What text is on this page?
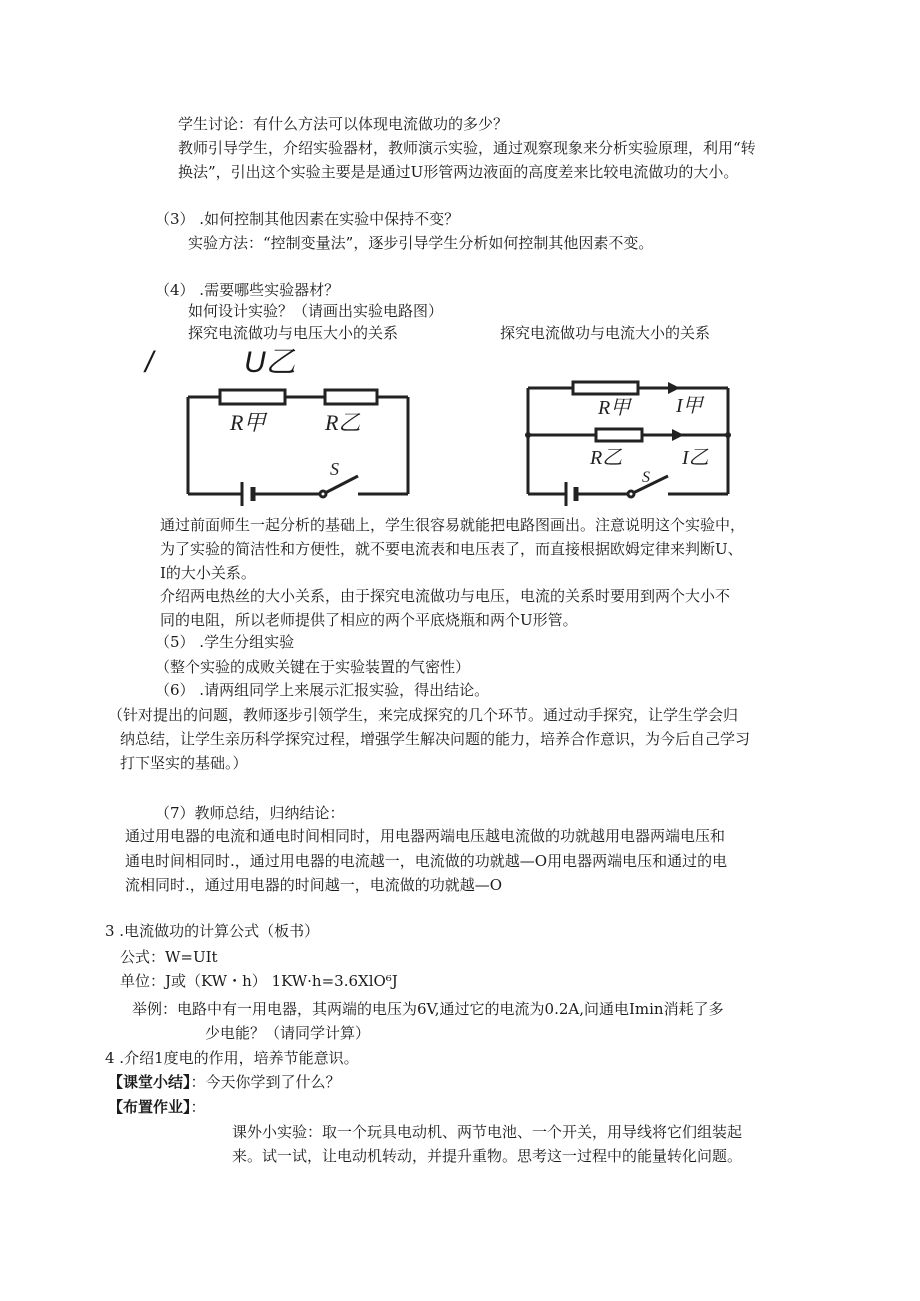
学生讨论：有什么方法可以体现电流做功的多少？
教师引导学生，介绍实验器材，教师演示实验，通过观察现象来分析实验原理，利用“转
换法”，引出这个实验主要是是通过U形管两边液面的高度差来比较电流做功的大小。
（3） .如何控制其他因素在实验中保持不变？
实验方法：“控制变量法”，逐步引导学生分析如何控制其他因素不变。
（4） .需要哪些实验器材？
如何设计实验？（请画出实验电路图）
探究电流做功与电压大小的关系	探究电流做功与电流大小的关系
/	U乙
R甲	R乙
S
R甲 I甲
R乙	I乙
S
通过前面师生一起分析的基础上，学生很容易就能把电路图画出。注意说明这个实验中，
为了实验的简洁性和方便性，就不要电流表和电压表了，而直接根据欧姆定律来判断U、
I的大小关系。
介绍两电热丝的大小关系，由于探究电流做功与电压，电流的关系时要用到两个大小不
同的电阻，所以老师提供了相应的两个平底烧瓶和两个U形管。
（5） .学生分组实验
（整个实验的成败关键在于实验装置的气密性）
（6） .请两组同学上来展示汇报实验，得出结论。
（针对提出的问题，教师逐步引领学生，来完成探究的几个环节。通过动手探究，让学生学会归
纳总结，让学生亲历科学探究过程，增强学生解决问题的能力，培养合作意识，为今后自己学习
打下坚实的基础。）
（7）教师总结，归纳结论：
通过用电器的电流和通电时间相同时，用电器两端电压越电流做的功就越用电器两端电压和
通电时间相同时.，通过用电器的电流越一，电流做的功就越—O用电器两端电压和通过的电
流相同时.，通过用电器的时间越一，电流做的功就越—O
3 .电流做功的计算公式（板书）
公式：W=UIt
单位：J或（KW・h） 1KW·h=3.6XlO⁶J
举例：电路中有一用电器，其两端的电压为6V,通过它的电流为0.2A,问通电Imin消耗了多
少电能？（请同学计算）
4 .介绍1度电的作用，培养节能意识。
【课堂小结】：今天你学到了什么？
【布置作业】：
课外小实验：取一个玩具电动机、两节电池、一个开关，用导线将它们组装起
来。试一试，让电动机转动，并提升重物。思考这一过程中的能量转化问题。
